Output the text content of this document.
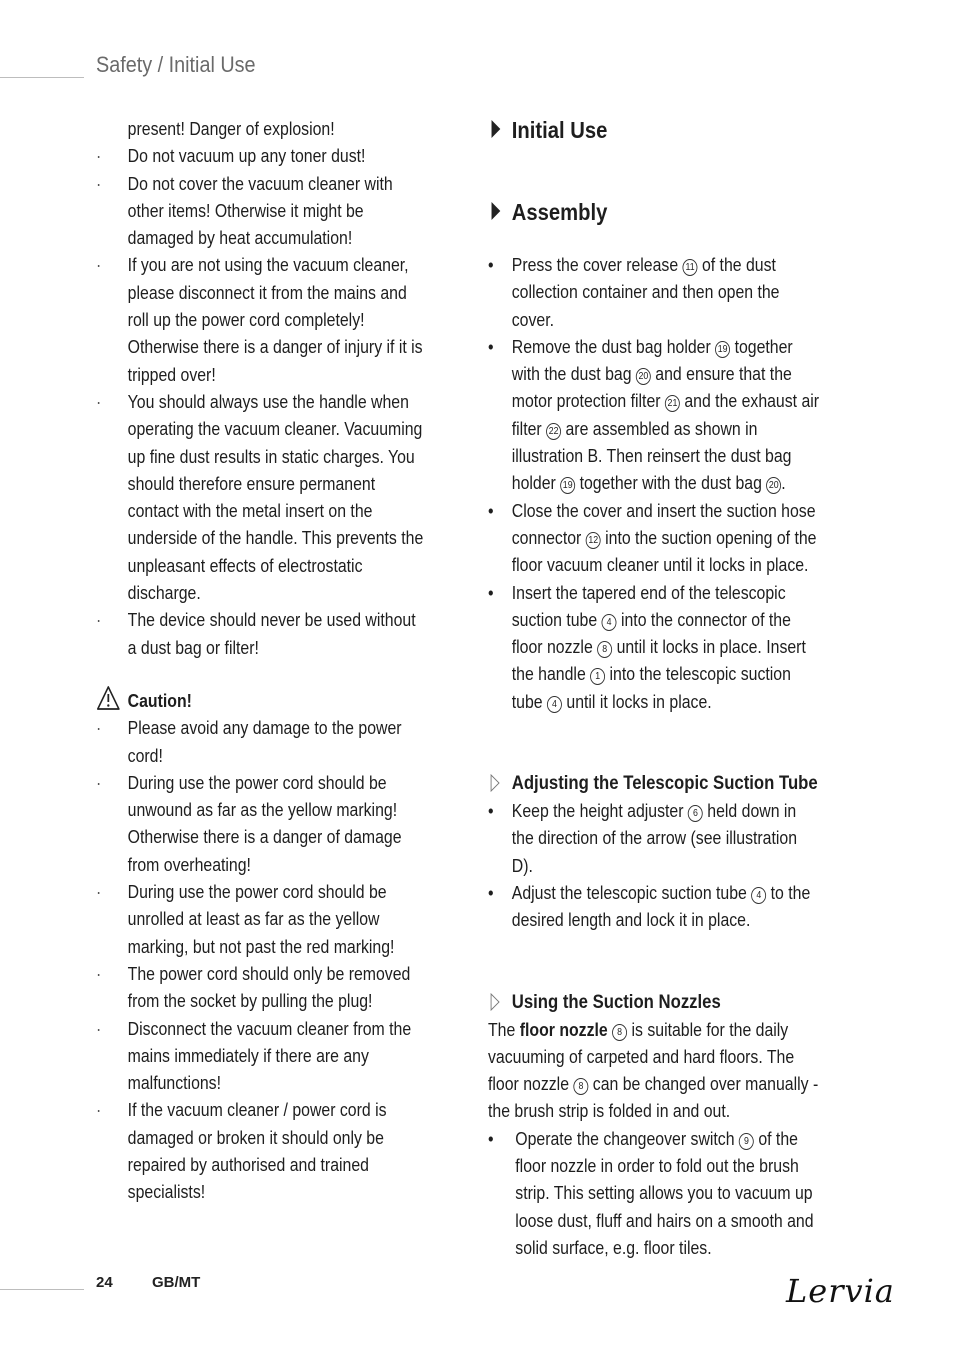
Safety / Initial Use

present! Danger of explosion!

· Do not vacuum up any toner dust!
· Do not cover the vacuum cleaner with other items! Otherwise it might be damaged by heat accumulation!
· If you are not using the vacuum cleaner, please disconnect it from the mains and roll up the power cord completely! Otherwise there is a danger of injury if it is tripped over!
· You should always use the handle when operating the vacuum cleaner. Vacuuming up fine dust results in static charges. You should therefore ensure permanent contact with the metal insert on the underside of the handle. This prevents the unpleasant effects of electrostatic discharge.
· The device should never be used without a dust bag or filter!
Caution!
· Please avoid any damage to the power cord!
· During use the power cord should be unwound as far as the yellow marking! Otherwise there is a danger of damage from overheating!
· During use the power cord should be unrolled at least as far as the yellow marking, but not past the red marking!
· The power cord should only be removed from the socket by pulling the plug!
· Disconnect the vacuum cleaner from the mains immediately if there are any malfunctions!
· If the vacuum cleaner / power cord is damaged or broken it should only be repaired by authorised and trained specialists!
Initial Use
Assembly
• Press the cover release 11 of the dust collection container and then open the cover.
• Remove the dust bag holder 19 together with the dust bag 20 and ensure that the motor protection filter 21 and the exhaust air filter 22 are assembled as shown in illustration B. Then reinsert the dust bag holder 19 together with the dust bag 20 .
• Close the cover and insert the suction hose connector 12 into the suction opening of the floor vacuum cleaner until it locks in place.
• Insert the tapered end of the telescopic suction tube 4 into the connector of the floor nozzle 8 until it locks in place. Insert the handle 1 into the telescopic suction tube 4 until it locks in place.
Adjusting the Telescopic Suction Tube
• Keep the height adjuster 6 held down in the direction of the arrow (see illustration D).
• Adjust the telescopic suction tube 4 to the desired length and lock it in place.
Using the Suction Nozzles

The floor nozzle 8 is suitable for the daily vacuuming of carpeted and hard floors. The floor nozzle 8 can be changed over manually - the brush strip is folded in and out.

• Operate the changeover switch 9 of the floor nozzle in order to fold out the brush strip. This setting allows you to vacuum up loose dust, fluff and hairs on a smooth and solid surface, e.g. floor tiles.
24	GB/MT	Lervia
